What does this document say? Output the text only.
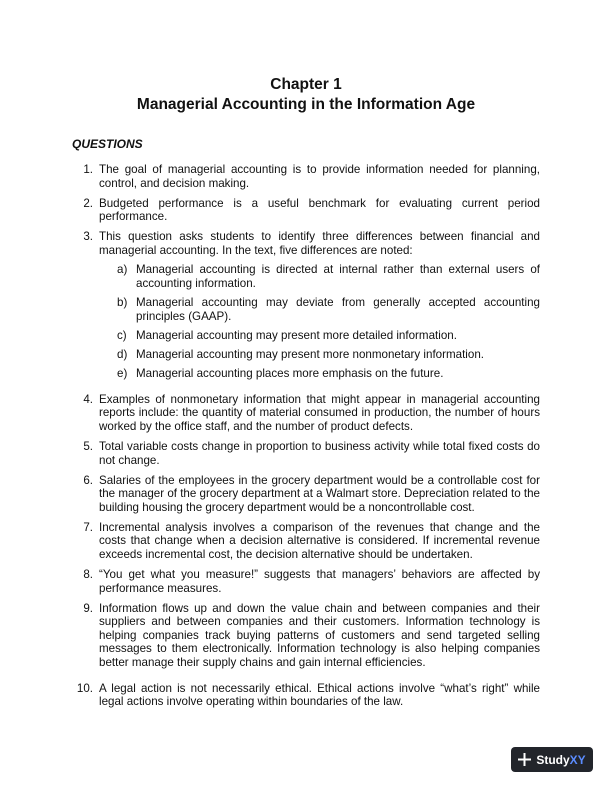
Chapter 1
Managerial Accounting in the Information Age
QUESTIONS
1. The goal of managerial accounting is to provide information needed for planning, control, and decision making.
2. Budgeted performance is a useful benchmark for evaluating current period performance.
3. This question asks students to identify three differences between financial and managerial accounting. In the text, five differences are noted:
a) Managerial accounting is directed at internal rather than external users of accounting information.
b) Managerial accounting may deviate from generally accepted accounting principles (GAAP).
c) Managerial accounting may present more detailed information.
d) Managerial accounting may present more nonmonetary information.
e) Managerial accounting places more emphasis on the future.
4. Examples of nonmonetary information that might appear in managerial accounting reports include: the quantity of material consumed in production, the number of hours worked by the office staff, and the number of product defects.
5. Total variable costs change in proportion to business activity while total fixed costs do not change.
6. Salaries of the employees in the grocery department would be a controllable cost for the manager of the grocery department at a Walmart store. Depreciation related to the building housing the grocery department would be a noncontrollable cost.
7. Incremental analysis involves a comparison of the revenues that change and the costs that change when a decision alternative is considered. If incremental revenue exceeds incremental cost, the decision alternative should be undertaken.
8. “You get what you measure!” suggests that managers’ behaviors are affected by performance measures.
9. Information flows up and down the value chain and between companies and their suppliers and between companies and their customers. Information technology is helping companies track buying patterns of customers and send targeted selling messages to them electronically. Information technology is also helping companies better manage their supply chains and gain internal efficiencies.
10. A legal action is not necessarily ethical. Ethical actions involve “what’s right” while legal actions involve operating within boundaries of the law.
StudyXY
